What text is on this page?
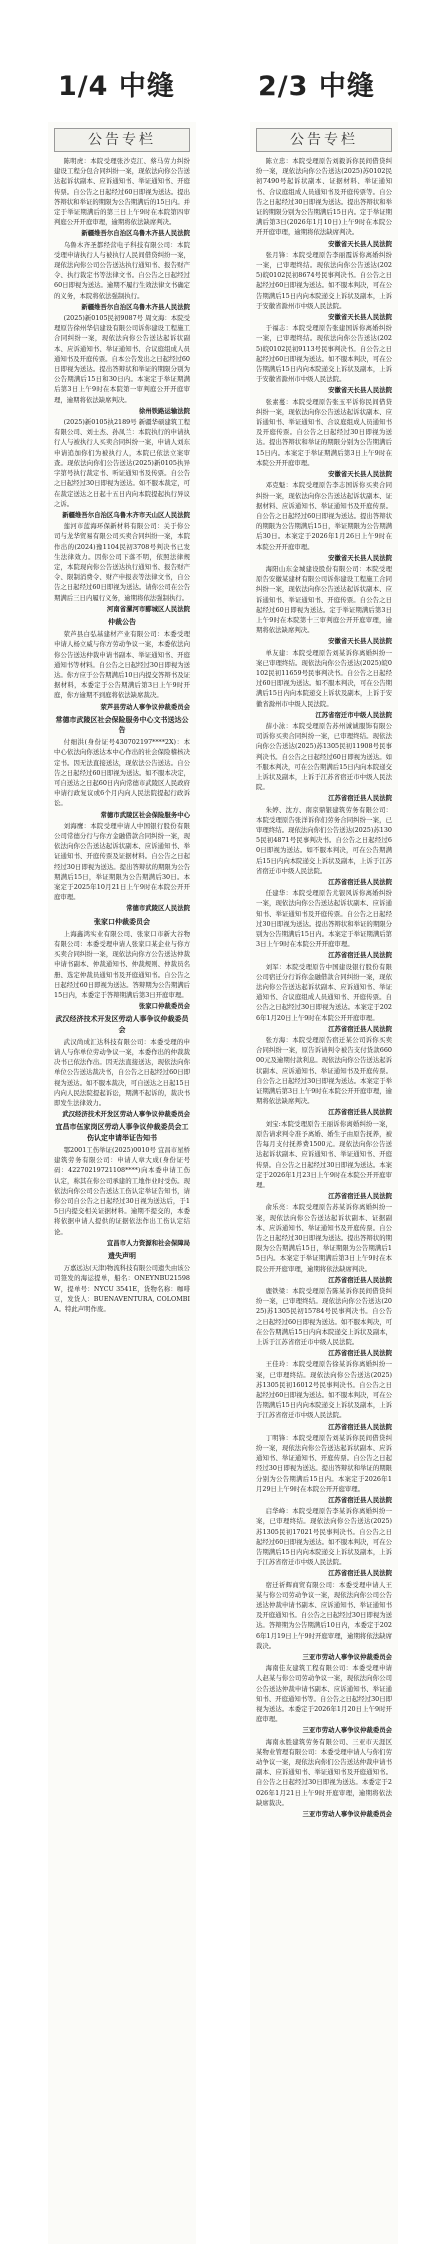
1/4 中缝	2/3 中缝
公告专栏

陈明虎：本院受理张沙克江、蔡马劳力纠纷建设工程分包合同纠纷一案，现依法向你公告送达起诉状副本、应诉通知书、举证通知书、开庭传票。自公告之日起经过60日即视为送达。提出答辩状和举证的期限为公告期满后的15日内。并定于举证期满后的第三日上午9时在本院第四审判庭公开开庭审理，逾期将依法缺席判决。

新疆维吾尔自治区乌鲁木齐县人民法院

乌鲁木齐圣都经营电子科技有限公司：本院受理申请执行人与被执行人民间借贷纠纷一案，现依法向你公司公告送达执行通知书、报告财产令、执行裁定书等法律文书。自公告之日起经过60日即视为送达。逾期不履行生效法律文书确定的义务，本院将依法强制执行。

新疆维吾尔自治区乌鲁木齐县人民法院

(2025)新0105民初9087号 周文海：本院受理原告徐州华信建设有限公司诉你建设工程施工合同纠纷一案，现依法向你公告送达起诉状副本、应诉通知书、举证通知书、合议庭组成人员通知书及开庭传票。自本公告发出之日起经过60日即视为送达。提出答辩状和举证的期限分别为公告期满后15日和30日内。本案定于举证期满后第3日上午9时在本院第一审判庭公开开庭审理，逾期将依法缺席判决。

徐州铁路运输法院

(2025)新0105执2189号 新疆华硕建筑工程有限公司、刘士杰、孙凤兰：本院执行的申请执行人与被执行人买卖合同纠纷一案，申请人刘东申请追加你们为被执行人，本院已依法立案审查。现依法向你们公告送达(2025)新0105执异字第号执行裁定书、听证通知书及传票。自公告之日起经过30日即视为送达。如不服本裁定，可在裁定送达之日起十五日内向本院提起执行异议之诉。

新疆维吾尔自治区乌鲁木齐市天山区人民法院

莲河市蓝海环保新材料有限公司：关于你公司与龙华贸易有限公司买卖合同纠纷一案，本院作出的(2024)豫1104民初3708号判决书已发生法律效力。因你公司下落不明，依照法律规定，本院现向你公告送达执行通知书、报告财产令、限制消费令、财产申报表等法律文书，自公告之日起经过60日即视为送达。请你公司在公告期满后三日内履行义务，逾期将依法强制执行。

河南省漯河市郾城区人民法院

仲裁公告

荥芦县白弘基建材产业有限公司：本委受理申请人杨立威与你方劳动争议一案，本委依法向你公告送达仲裁申请书副本、举证通知书、开庭通知书等材料。自公告之日起经过30日即视为送达。你方应于公告期满后10日内提交答辩书及证据材料，本委定于公告期满后第3日上午9时开庭，你方逾期不到庭将依法缺席裁决。

荥芦县劳动人事争议仲裁委员会

常德市武陵区社会保险服务中心文书送达公告

付细洪(身份证号430702197****2X)：本中心依法向你送达本中心作出的社会保险稽核决定书。因无法直接送达，现依法公告送达。自公告之日起经过60日即视为送达。如不服本决定，可自送达之日起60日内向常德市武陵区人民政府申请行政复议或6个月内向人民法院提起行政诉讼。

常德市武陵区社会保险服务中心

刘海鹰：本院受理申请人中国银行股份有限公司常德分行与你方金融借款合同纠纷一案，现依法向你公告送达起诉状副本、应诉通知书、举证通知书、开庭传票及证据材料。自公告之日起经过30日即视为送达。提出答辩状的期限为公告期满后15日，举证期限为公告期满后30日。本案定于2025年10月21日上午9时在本院公开开庭审理。

常德市武陵区人民法院

张家口仲裁委员会

上海鑫鸿实业有限公司、张家口市新大谷物有限公司：本委受理申请人张家口某企业与你方买卖合同纠纷一案，现依法向你方公告送达仲裁申请书副本、仲裁通知书、仲裁规则、仲裁员名册、选定仲裁员通知书及开庭通知书。自公告之日起经过60日即视为送达。答辩期为公告期满后15日内，本委定于答辩期满后第3日开庭审理。

张家口仲裁委员会

武汉经济技术开发区劳动人事争议仲裁委员会

武汉尚成汇达科技有限公司：本委受理的申请人与你单位劳动争议一案，本委作出的仲裁裁决书已依法作出。因无法直接送达，现依法向你单位公告送达裁决书，自公告之日起经过60日即视为送达。如不服本裁决，可自送达之日起15日内向人民法院提起诉讼，期满不起诉的，裁决书即发生法律效力。

武汉经济技术开发区劳动人事争议仲裁委员会

宜昌市伍家岗区劳动人事争议仲裁委员会工伤认定申请举证告知书

鄂2001工伤举证(2025)0010号 宜昌市星桥建筑劳务有限公司：申请人章大成(身份证号码：42270219721108****)向本委申请工伤认定，称其在你公司承建的工地作业时受伤。现依法向你公司公告送达工伤认定举证告知书，请你公司自公告之日起经过30日视为送达后，于15日内提交相关证据材料。逾期不提交的，本委将依据申请人提供的证据依法作出工伤认定结论。

宜昌市人力资源和社会保障局

遗失声明

万嘉远达(天津)物流科技有限公司遗失由该公司签发的海运提单，船名：ONEYNBU21598W，提单号：NYCU 3541E，货物名称：咖啡豆，发货人：BUENAVENTURA, COLOMBIA。特此声明作废。

公告专栏

陈立忠：本院受理原告刘毅诉你民间借贷纠纷一案，现依法向你公告送达(2025)苏0102民初7490号起诉状副本、证据材料、举证通知书、合议庭组成人员通知书及开庭传票等。自公告之日起经过30日即视为送达。提出答辩状和举证的期限分别为公告期满后15日内。定于举证期满后第3日(2026年1月10日)上午9时在本院公开开庭审理，逾期将依法缺席判决。

安徽省天长县人民法院

张月锋：本院受理原告李丽霞诉你离婚纠纷一案，已审理终结。现依法向你公告送达(2025)皖0102民初8674号民事判决书。自公告之日起经过60日即视为送达。如不服本判决，可在公告期满后15日内向本院递交上诉状及副本，上诉于安徽省滁州市中级人民法院。

安徽省天长县人民法院

于福志：本院受理原告张建国诉你离婚纠纷一案，已审理终结。现依法向你公告送达(2025)皖0102民初9113号民事判决书。自公告之日起经过60日即视为送达。如不服本判决，可在公告期满后15日内向本院递交上诉状及副本，上诉于安徽省滁州市中级人民法院。

安徽省天长县人民法院

张素蔓：本院受理原告张玉平诉你民间借贷纠纷一案，现依法向你公告送达起诉状副本、应诉通知书、举证通知书、合议庭组成人员通知书及开庭传票。自公告之日起经过30日即视为送达。提出答辩状和举证的期限分别为公告期满后15日内。本案定于举证期满后第3日上午9时在本院公开开庭审理。

安徽省天长县人民法院

邓克魁：本院受理原告李志国诉你买卖合同纠纷一案，现依法向你公告送达起诉状副本、证据材料、应诉通知书、举证通知书及开庭传票。自公告之日起经过60日即视为送达。提出答辩状的期限为公告期满后15日，举证期限为公告期满后30日。本案定于2026年1月26日上午9时在本院公开开庭审理。

安徽省天长县人民法院

海阳山东金城建设股份有限公司：本院受理原告安徽某建材有限公司诉你建设工程施工合同纠纷一案，现依法向你公告送达起诉状副本、应诉通知书、举证通知书、开庭传票。自公告之日起经过60日即视为送达。定于举证期满后第3日上午9时在本院第十三审判庭公开开庭审理，逾期将依法缺席判决。

安徽省天长县人民法院

单友建：本院受理原告刘某诉你离婚纠纷一案已审理终结。现依法向你公告送达(2025)皖0102民初11659号民事判决书。自公告之日起经过60日即视为送达。如不服本判决，可在公告期满后15日内向本院递交上诉状及副本，上诉于安徽省滁州市中级人民法院。

江苏省宿迁市中级人民法院

薛小泳：本院受理原告苏州诚诚服饰有限公司诉你买卖合同纠纷一案，已审理终结。现依法向你公告送达(2025)苏1305民初11908号民事判决书。自公告之日起经过60日即视为送达。如不服本判决，可在公告期满后15日内向本院递交上诉状及副本，上诉于江苏省宿迁市中级人民法院。

江苏省宿迁县人民法院

朱婷、沈方、南京鼎银建筑劳务有限公司：本院受理原告张洋诉你们劳务合同纠纷一案，已审理终结。现依法向你们公告送达(2025)苏1305民初4871号民事判决书。自公告之日起经过60日即视为送达。如不服本判决，可在公告期满后15日内向本院递交上诉状及副本，上诉于江苏省宿迁市中级人民法院。

江苏省宿迁县人民法院

任建华：本院受理原告尤银风诉你离婚纠纷一案，现依法向你公告送达起诉状副本、应诉通知书、举证通知书及开庭传票。自公告之日起经过30日即视为送达。提出答辩状和举证的期限分别为公告期满后15日内。本案定于举证期满后第3日上午9时在本院公开开庭审理。

江苏省宿迁县人民法院

刘军：本院受理原告中国建设银行股份有限公司宿迁分行诉你金融借款合同纠纷一案，现依法向你公告送达起诉状副本、应诉通知书、举证通知书、合议庭组成人员通知书、开庭传票。自公告之日起经过30日即视为送达。本案定于2026年1月20日上午9时在本院公开开庭审理。

江苏省宿迁县人民法院

张方海：本院受理原告宿迁某公司诉你买卖合同纠纷一案，原告诉请判令被告支付货款66000元及逾期付款利息。现依法向你公告送达起诉状副本、应诉通知书、举证通知书及开庭传票。自公告之日起经过30日即视为送达。本案定于举证期满后第3日上午9时在本院公开开庭审理，逾期将依法缺席判决。

江苏省宿迁县人民法院

刘宝:本院受理原告王丽诉你离婚纠纷一案，原告请求判令准予离婚、婚生子由原告抚养，被告每月支付抚养费1500元。现依法向你公告送达起诉状副本、应诉通知书、举证通知书、开庭传票。自公告之日起经过30日即视为送达。本案定于2026年1月23日上午9时在本院公开开庭审理。

江苏省宿迁县人民法院

俞乐亮：本院受理原告苏某诉你离婚纠纷一案，现依法向你公告送达起诉状副本、证据副本、应诉通知书、举证通知书及开庭传票。自公告之日起经过30日即视为送达。提出答辩状的期限为公告期满后15日，举证期限为公告期满后15日内。本案定于举证期满后第3日上午9时在本院公开开庭审理，逾期将依法缺席判决。

江苏省宿迁县人民法院

鹿铁梁：本院受理原告陈某诉你民间借贷纠纷一案，已审理终结。现依法向你公告送达(2025)苏1305民初15784号民事判决书。自公告之日起经过60日即视为送达。如不服本判决，可在公告期满后15日内向本院递交上诉状及副本，上诉于江苏省宿迁市中级人民法院。

江苏省宿迁县人民法院

王佳玲：本院受理原告徐某诉你离婚纠纷一案，已审理终结。现依法向你公告送达(2025)苏1305民初16012号民事判决书。自公告之日起经过60日即视为送达。如不服本判决，可在公告期满后15日内向本院递交上诉状及副本，上诉于江苏省宿迁市中级人民法院。

江苏省宿迁县人民法院

丁明锋：本院受理原告刘某诉你民间借贷纠纷一案，现依法向你公告送达起诉状副本、应诉通知书、举证通知书、开庭传票。自公告之日起经过30日即视为送达。提出答辩状和举证的期限分别为公告期满后15日内。本案定于2026年1月29日上午9时在本院公开开庭审理。

江苏省宿迁县人民法院

启华峰：本院受理原告李某诉你离婚纠纷一案，已审理终结。现依法向你公告送达(2025)苏1305民初17021号民事判决书。自公告之日起经过60日即视为送达。如不服本判决，可在公告期满后15日内向本院递交上诉状及副本，上诉于江苏省宿迁市中级人民法院。

江苏省宿迁县人民法院

宿迁祈辉商贸有限公司：本委受理申请人王某与你公司劳动争议一案，现依法向你公司公告送达仲裁申请书副本、应诉通知书、举证通知书及开庭通知书。自公告之日起经过30日即视为送达。答辩期为公告期满后10日内，本委定于2026年1月19日上午9时开庭审理，逾期将依法缺席裁决。

三亚市劳动人事争议仲裁委员会

海南佳友建筑工程有限公司：本委受理申请人赵某与你公司劳动争议一案，现依法向你公司公告送达仲裁申请书副本、应诉通知书、举证通知书、开庭通知书等。自公告之日起经过30日即视为送达。本委定于2026年1月20日上午9时开庭审理。

三亚市劳动人事争议仲裁委员会

海南永胜建筑劳务有限公司、三亚市天涯区某物业管理有限公司：本委受理申请人与你们劳动争议一案，现依法向你们公告送达仲裁申请书副本、应诉通知书、举证通知书及开庭通知书。自公告之日起经过30日即视为送达。本委定于2026年1月21日上午9时开庭审理，逾期将依法缺席裁决。

三亚市劳动人事争议仲裁委员会
